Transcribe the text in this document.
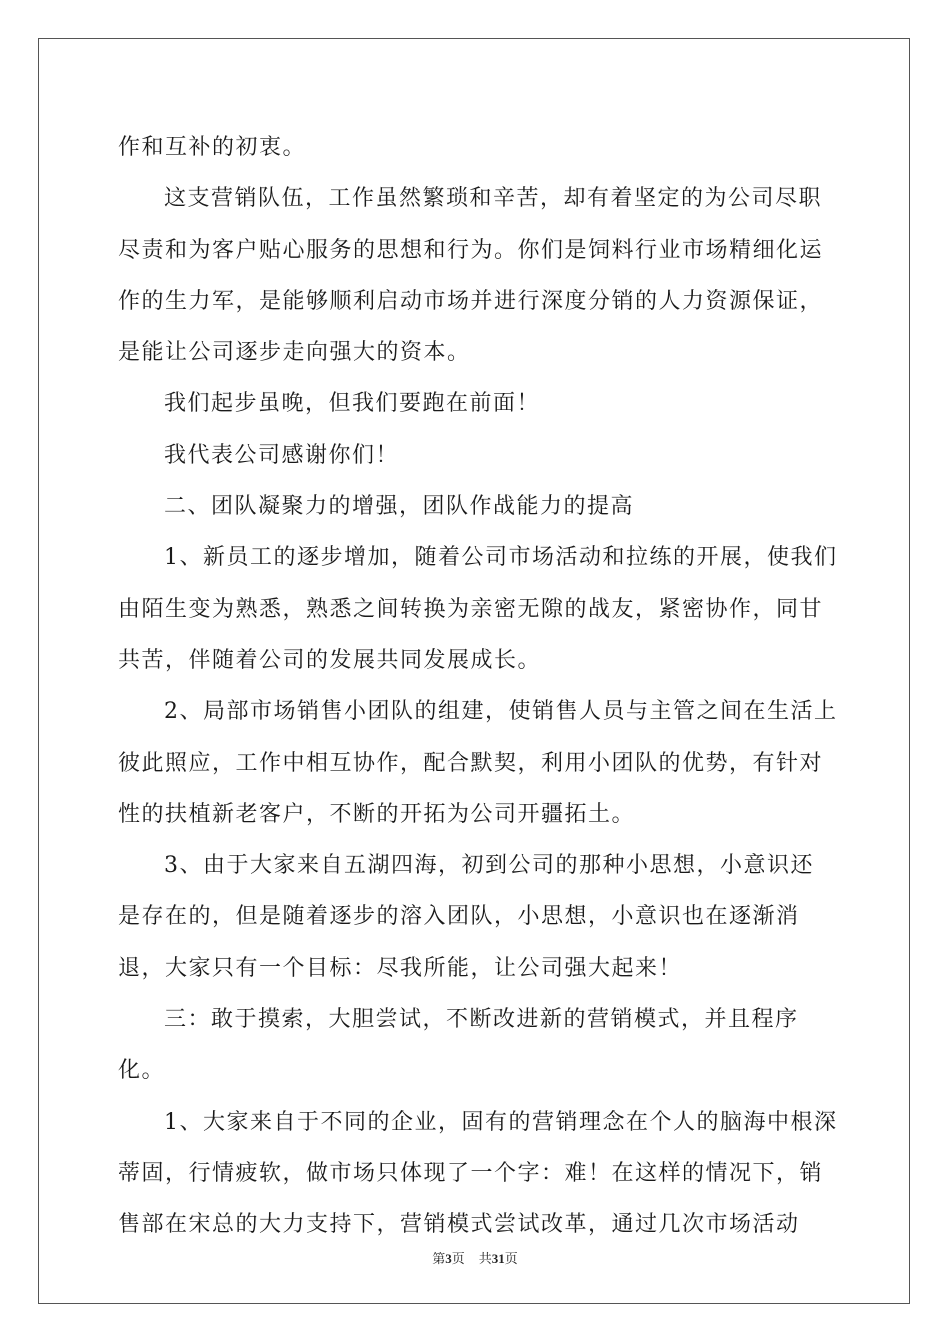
作和互补的初衷。

这支营销队伍，工作虽然繁琐和辛苦，却有着坚定的为公司尽职尽责和为客户贴心服务的思想和行为。你们是饲料行业市场精细化运作的生力军，是能够顺利启动市场并进行深度分销的人力资源保证，是能让公司逐步走向强大的资本。

我们起步虽晚，但我们要跑在前面！

我代表公司感谢你们！

二、团队凝聚力的增强，团队作战能力的提高

1、新员工的逐步增加，随着公司市场活动和拉练的开展，使我们由陌生变为熟悉，熟悉之间转换为亲密无隙的战友，紧密协作，同甘共苦，伴随着公司的发展共同发展成长。

2、局部市场销售小团队的组建，使销售人员与主管之间在生活上彼此照应，工作中相互协作，配合默契，利用小团队的优势，有针对性的扶植新老客户，不断的开拓为公司开疆拓土。

3、由于大家来自五湖四海，初到公司的那种小思想，小意识还

是存在的，但是随着逐步的溶入团队，小思想，小意识也在逐渐消退，大家只有一个目标：尽我所能，让公司强大起来！

三：敢于摸索，大胆尝试，不断改进新的营销模式，并且程序化。

1、大家来自于不同的企业，固有的营销理念在个人的脑海中根深蒂固，行情疲软，做市场只体现了一个字：难！在这样的情况下，销售部在宋总的大力支持下，营销模式尝试改革，通过几次市场活动

第3页 共31页
